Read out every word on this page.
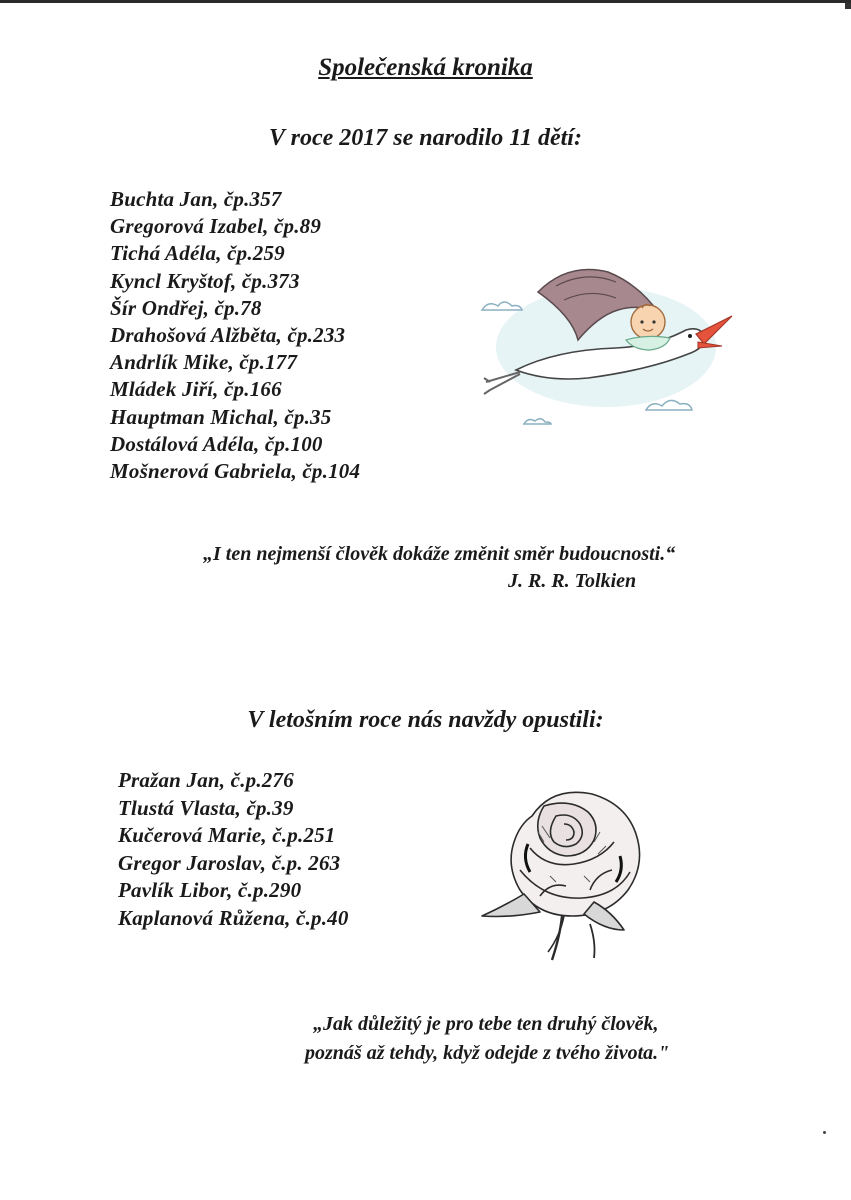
Společenská kronika
V roce 2017 se narodilo 11 dětí:
Buchta Jan, čp.357
Gregorová Izabel, čp.89
Tichá Adéla, čp.259
Kyncl Kryštof, čp.373
Šír Ondřej, čp.78
Drahošová Alžběta, čp.233
Andrlík Mike, čp.177
Mládek Jiří, čp.166
Hauptman Michal, čp.35
Dostálová Adéla, čp.100
Mošnerová Gabriela, čp.104
„I ten nejmenší člověk dokáže změnit směr budoucnosti.“
J. R. R. Tolkien
V letošním roce nás navždy opustili:
Pražan Jan, č.p.276
Tlustá Vlasta, čp.39
Kučerová Marie, č.p.251
Gregor Jaroslav, č.p. 263
Pavlík Libor, č.p.290
Kaplanová Růžena, č.p.40
„Jak důležitý je pro tebe ten druhý člověk,
poznáš až tehdy, když odejde z tvého života."
